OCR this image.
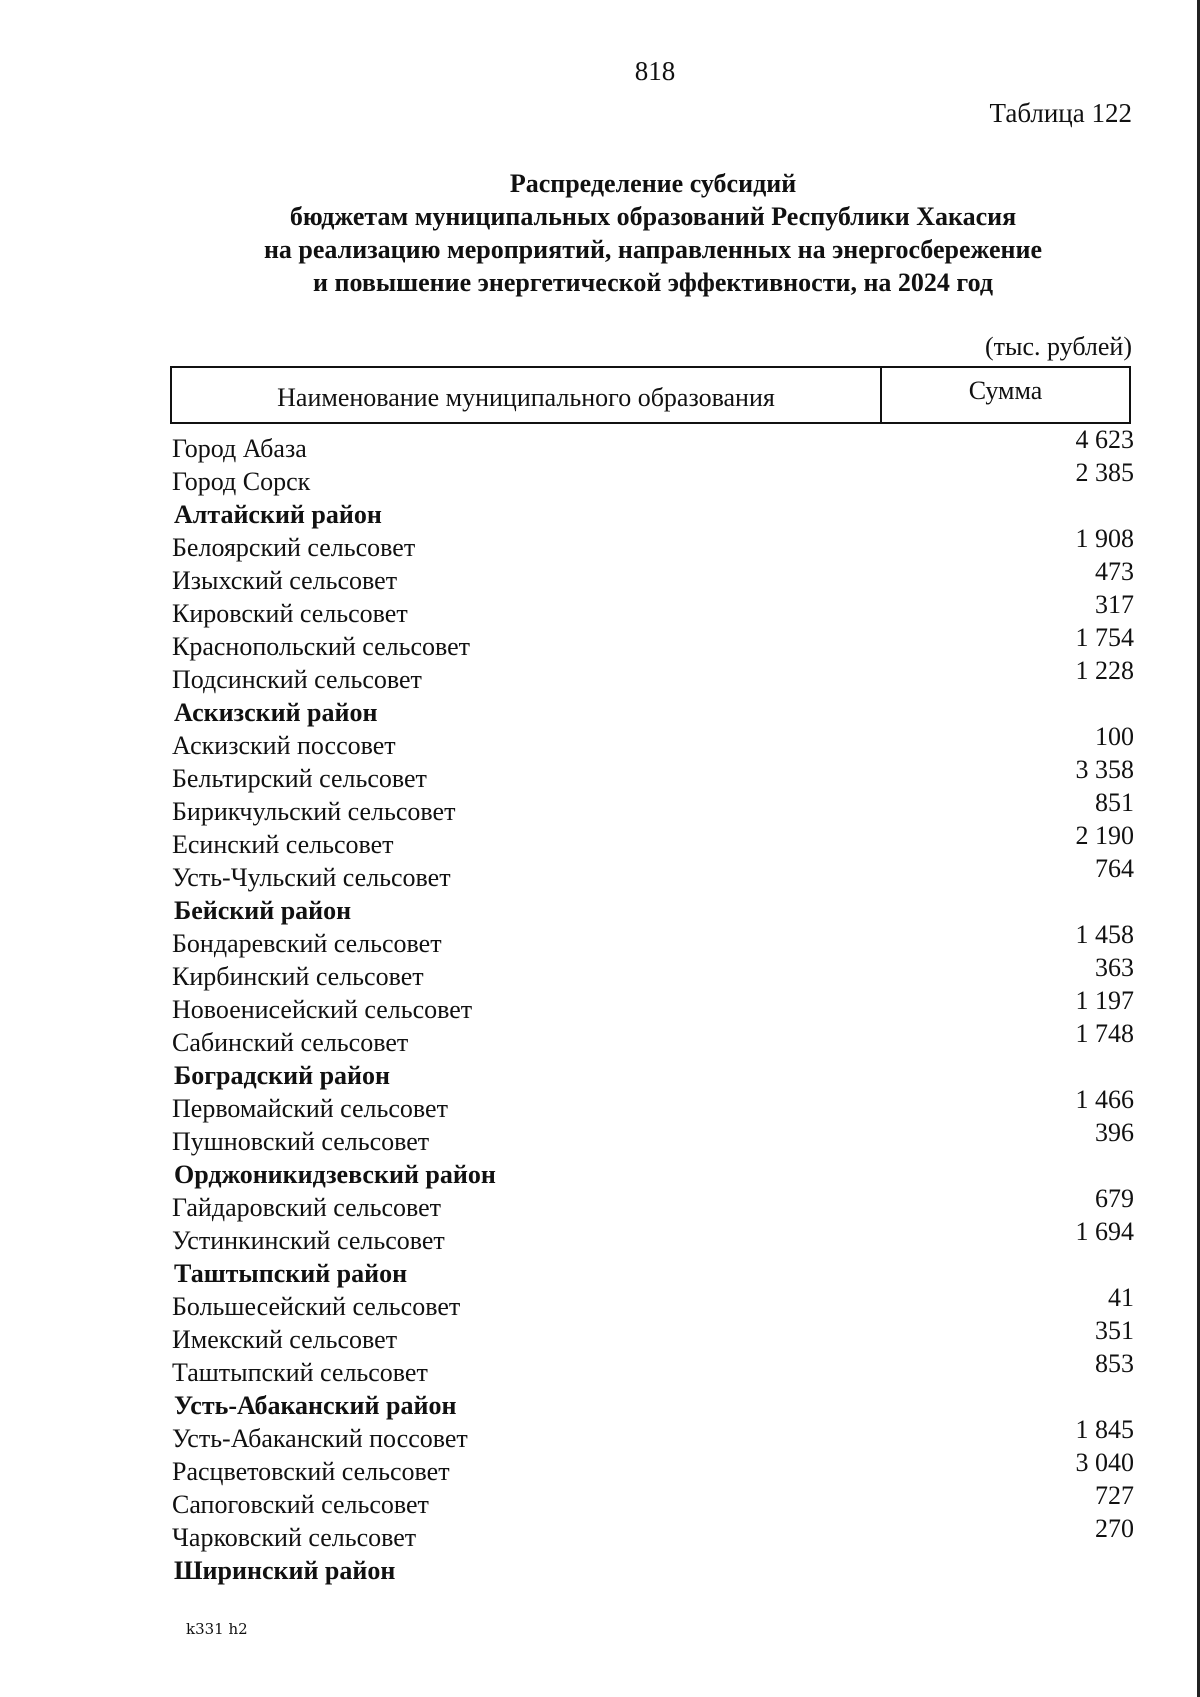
818
Таблица 122
Распределение субсидий
бюджетам муниципальных образований Республики Хакасия
на реализацию мероприятий, направленных на энергосбережение
и повышение энергетической эффективности, на 2024 год
(тыс. рублей)
Наименование муниципального образования	Сумма
Город Абаза	4 623
Город Сорск	2 385
Алтайский район
Белоярский сельсовет	1 908
Изыхский сельсовет	473
Кировский сельсовет	317
Краснопольский сельсовет	1 754
Подсинский сельсовет	1 228
Аскизский район
Аскизский поссовет	100
Бельтирский сельсовет	3 358
Бирикчульский сельсовет	851
Есинский сельсовет	2 190
Усть-Чульский сельсовет	764
Бейский район
Бондаревский сельсовет	1 458
Кирбинский сельсовет	363
Новоенисейский сельсовет	1 197
Сабинский сельсовет	1 748
Боградский район
Первомайский сельсовет	1 466
Пушновский сельсовет	396
Орджоникидзевский район
Гайдаровский сельсовет	679
Устинкинский сельсовет	1 694
Таштыпский район
Большесейский сельсовет	41
Имекский сельсовет	351
Таштыпский сельсовет	853
Усть-Абаканский район
Усть-Абаканский поссовет	1 845
Расцветовский сельсовет	3 040
Сапоговский сельсовет	727
Чарковский сельсовет	270
Ширинский район
k331 h2
